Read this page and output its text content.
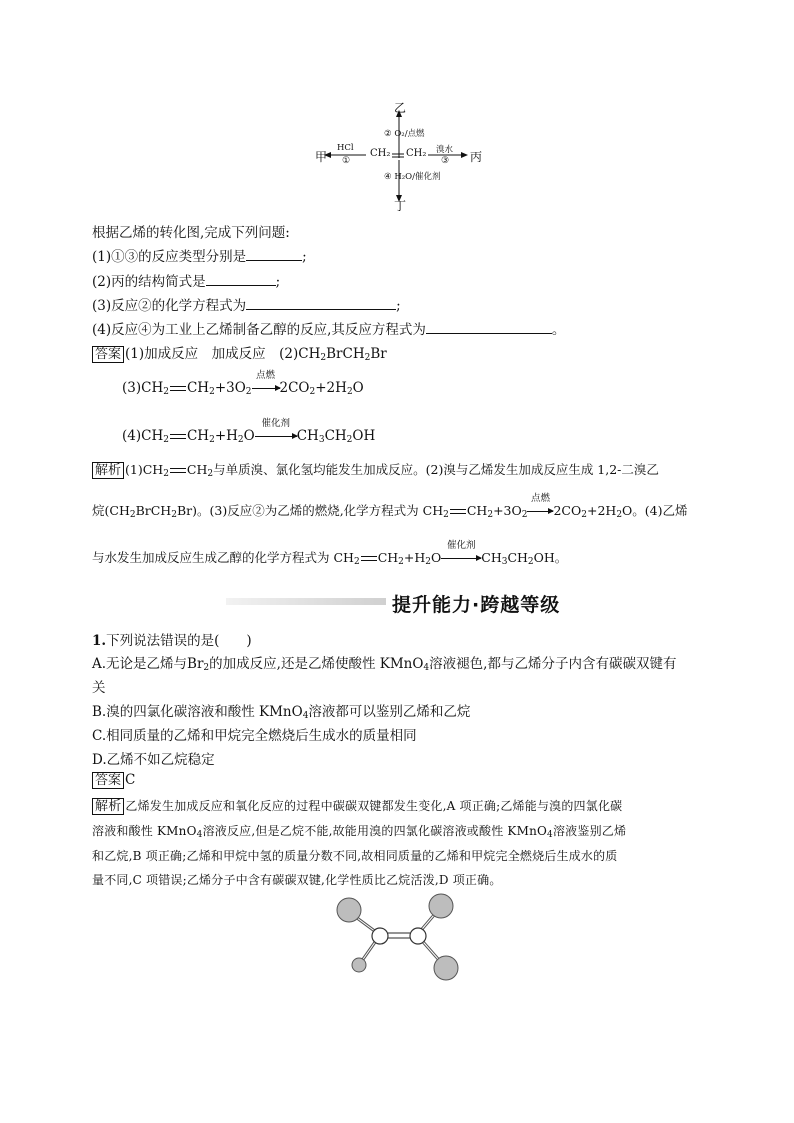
乙
丁
甲	丙
CH₂ CH₂
② O₂/点燃
④ H₂O/催化剂
HCl
①
溴水
③
根据乙烯的转化图,完成下列问题:
(1)①③的反应类型分别是	;
(2)丙的结构简式是	;
(3)反应②的化学方程式为	;
(4)反应④为工业上乙烯制备乙醇的反应,其反应方程式为	。
答案 (1)加成反应　加成反应　$(2)CH_2BrCH_2Br$
$(3)CH_2$ $CH_2+3O_2$
点燃
$2CO_2+2H_2O$
$(4)CH_2$ $CH_2+H_2O$
催化剂
$CH_3CH_2OH$
解析 $(1)CH_2$ $CH_2$与单质溴、氯化氢均能发生加成反应。(2)溴与乙烯发生加成反应生成 1,2-二溴乙
烷$(CH_2BrCH_2Br)$。(3)反应②为乙烯的燃烧,化学方程式为 $CH_2$ $CH_2+3O_2$
点燃
$2CO_2+2H_2O$。(4)乙烯
与水发生加成反应生成乙醇的化学方程式为 $CH_2$ $CH_2+H_2O$
催化剂
$CH_3CH_2OH$。
提升能力·跨越等级
1.下列说法错误的是(　　)
A.无论是乙烯与$Br_2$的加成反应,还是乙烯使酸性 KMnO$_4$溶液褪色,都与乙烯分子内含有碳碳双键有
关
B.溴的四氯化碳溶液和酸性 KMnO$_4$溶液都可以鉴别乙烯和乙烷
C.相同质量的乙烯和甲烷完全燃烧后生成水的质量相同
D.乙烯不如乙烷稳定
答案 C
解析 乙烯发生加成反应和氧化反应的过程中碳碳双键都发生变化,A 项正确;乙烯能与溴的四氯化碳
溶液和酸性 KMnO$_4$溶液反应,但是乙烷不能,故能用溴的四氯化碳溶液或酸性 KMnO$_4$溶液鉴别乙烯
和乙烷,B 项正确;乙烯和甲烷中氢的质量分数不同,故相同质量的乙烯和甲烷完全燃烧后生成水的质
量不同,C 项错误;乙烯分子中含有碳碳双键,化学性质比乙烷活泼,D 项正确。
